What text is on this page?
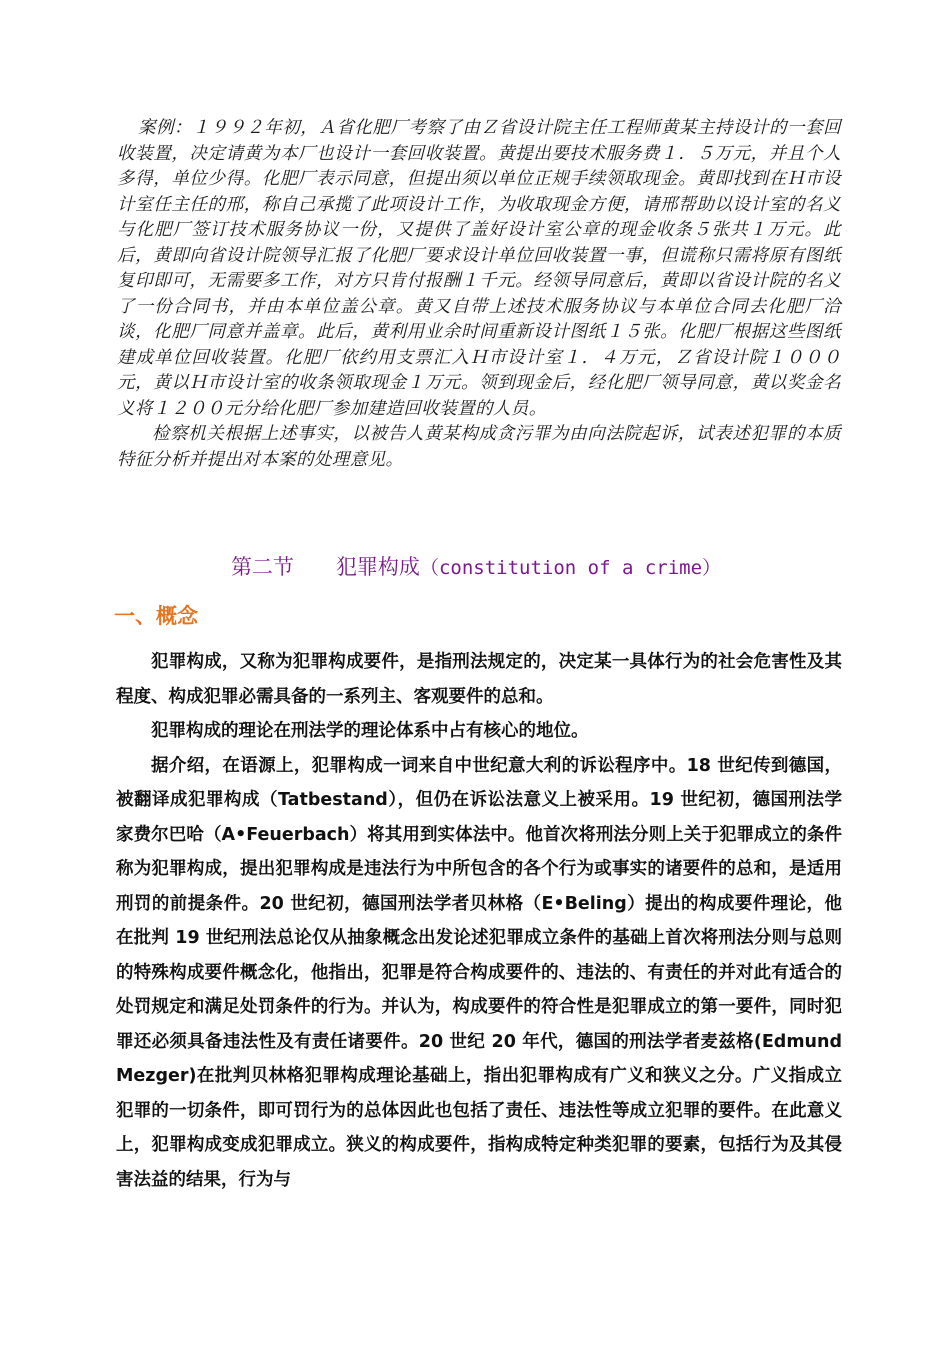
案例：１９９２年初，Ａ省化肥厂考察了由Ｚ省设计院主任工程师黄某主持设计的一套回收装置，决定请黄为本厂也设计一套回收装置。黄提出要技术服务费１．５万元，并且个人多得，单位少得。化肥厂表示同意，但提出须以单位正规手续领取现金。黄即找到在Ｈ市设计室任主任的邢，称自己承揽了此项设计工作，为收取现金方便，请邢帮助以设计室的名义与化肥厂签订技术服务协议一份，又提供了盖好设计室公章的现金收条５张共１万元。此后，黄即向省设计院领导汇报了化肥厂要求设计单位回收装置一事，但谎称只需将原有图纸复印即可，无需要多工作，对方只肯付报酬１千元。经领导同意后，黄即以省设计院的名义了一份合同书，并由本单位盖公章。黄又自带上述技术服务协议与本单位合同去化肥厂洽谈，化肥厂同意并盖章。此后，黄利用业余时间重新设计图纸１５张。化肥厂根据这些图纸建成单位回收装置。化肥厂依约用支票汇入Ｈ市设计室１．４万元，Ｚ省设计院１０００元，黄以Ｈ市设计室的收条领取现金１万元。领到现金后，经化肥厂领导同意，黄以奖金名义将１２００元分给化肥厂参加建造回收装置的人员。

检察机关根据上述事实，以被告人黄某构成贪污罪为由向法院起诉，试表述犯罪的本质特征分析并提出对本案的处理意见。

第二节 犯罪构成（constitution of a crime）
一、概念

犯罪构成，又称为犯罪构成要件，是指刑法规定的，决定某一具体行为的社会危害性及其程度、构成犯罪必需具备的一系列主、客观要件的总和。

犯罪构成的理论在刑法学的理论体系中占有核心的地位。

据介绍，在语源上，犯罪构成一词来自中世纪意大利的诉讼程序中。18 世纪传到德国，被翻译成犯罪构成（Tatbestand），但仍在诉讼法意义上被采用。19 世纪初，德国刑法学家费尔巴哈（A•Feuerbach）将其用到实体法中。他首次将刑法分则上关于犯罪成立的条件称为犯罪构成，提出犯罪构成是违法行为中所包含的各个行为或事实的诸要件的总和，是适用刑罚的前提条件。20 世纪初，德国刑法学者贝林格（E•Beling）提出的构成要件理论，他在批判 19 世纪刑法总论仅从抽象概念出发论述犯罪成立条件的基础上首次将刑法分则与总则的特殊构成要件概念化，他指出，犯罪是符合构成要件的、违法的、有责任的并对此有适合的处罚规定和满足处罚条件的行为。并认为，构成要件的符合性是犯罪成立的第一要件，同时犯罪还必须具备违法性及有责任诸要件。20 世纪 20 年代，德国的刑法学者麦兹格(Edmund Mezger)在批判贝林格犯罪构成理论基础上，指出犯罪构成有广义和狭义之分。广义指成立犯罪的一切条件，即可罚行为的总体因此也包括了责任、违法性等成立犯罪的要件。在此意义上，犯罪构成变成犯罪成立。狭义的构成要件，指构成特定种类犯罪的要素，包括行为及其侵害法益的结果，行为与
